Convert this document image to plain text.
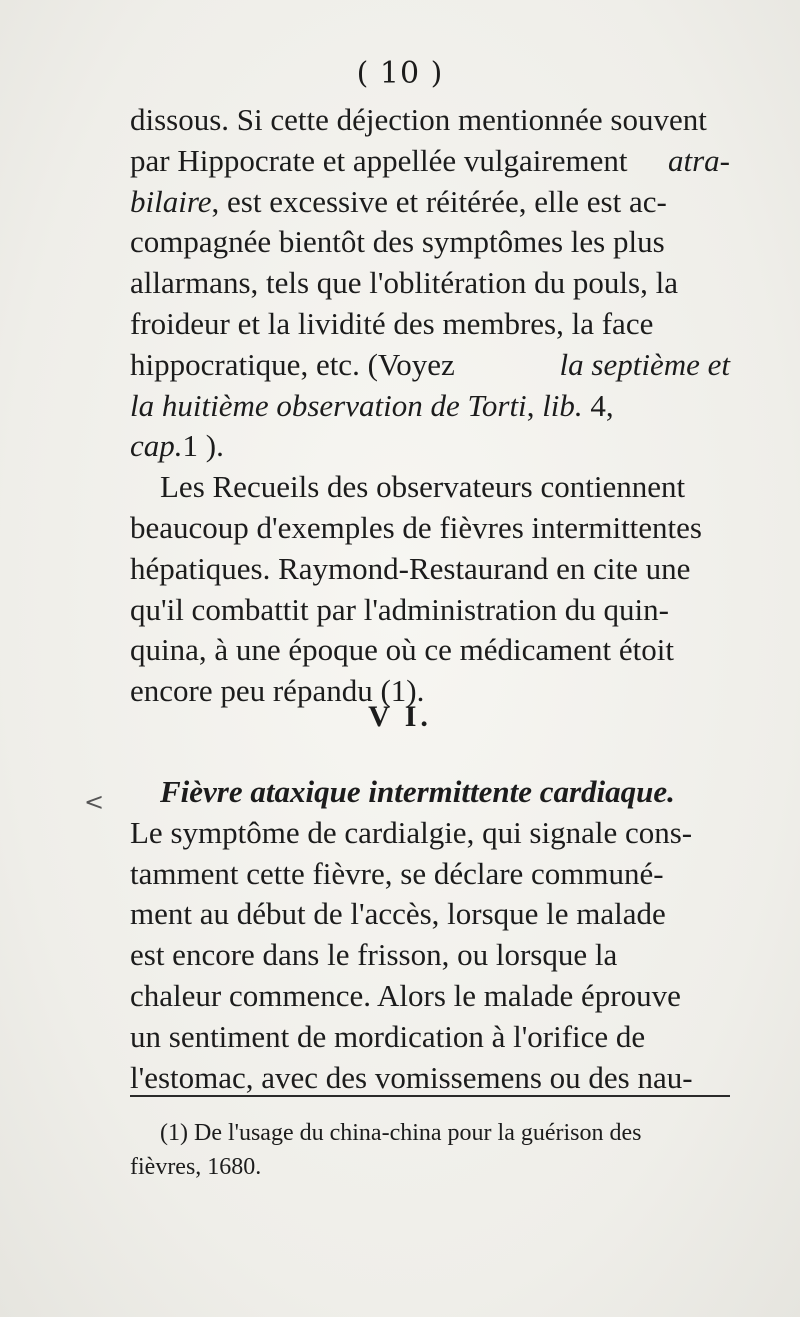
( 10 )
dissous. Si cette déjection mentionnée souvent
par Hippocrate et appellée vulgairement atra-
bilaire, est excessive et réitérée, elle est ac-
compagnée bientôt des symptômes les plus
allarmans, tels que l'oblitération du pouls, la
froideur et la lividité des membres, la face
hippocratique, etc. (Voyez	la septième et
la huitième observation de Torti, lib. 4,
cap. 1 ).
Les Recueils des observateurs contiennent
beaucoup d'exemples de fièvres intermittentes
hépatiques. Raymond-Restaurand en cite une
qu'il combattit par l'administration du quin-
quina, à une époque où ce médicament étoit
encore peu répandu (1).
V I.
< Fièvre ataxique intermittente cardiaque.
Le symptôme de cardialgie, qui signale cons-
tamment cette fièvre, se déclare communé-
ment au début de l'accès, lorsque le malade
est encore dans le frisson, ou lorsque la
chaleur commence. Alors le malade éprouve
un sentiment de mordication à l'orifice de
l'estomac, avec des vomissemens ou des nau-
(1) De l'usage du china-china pour la guérison des
fièvres, 1680.
